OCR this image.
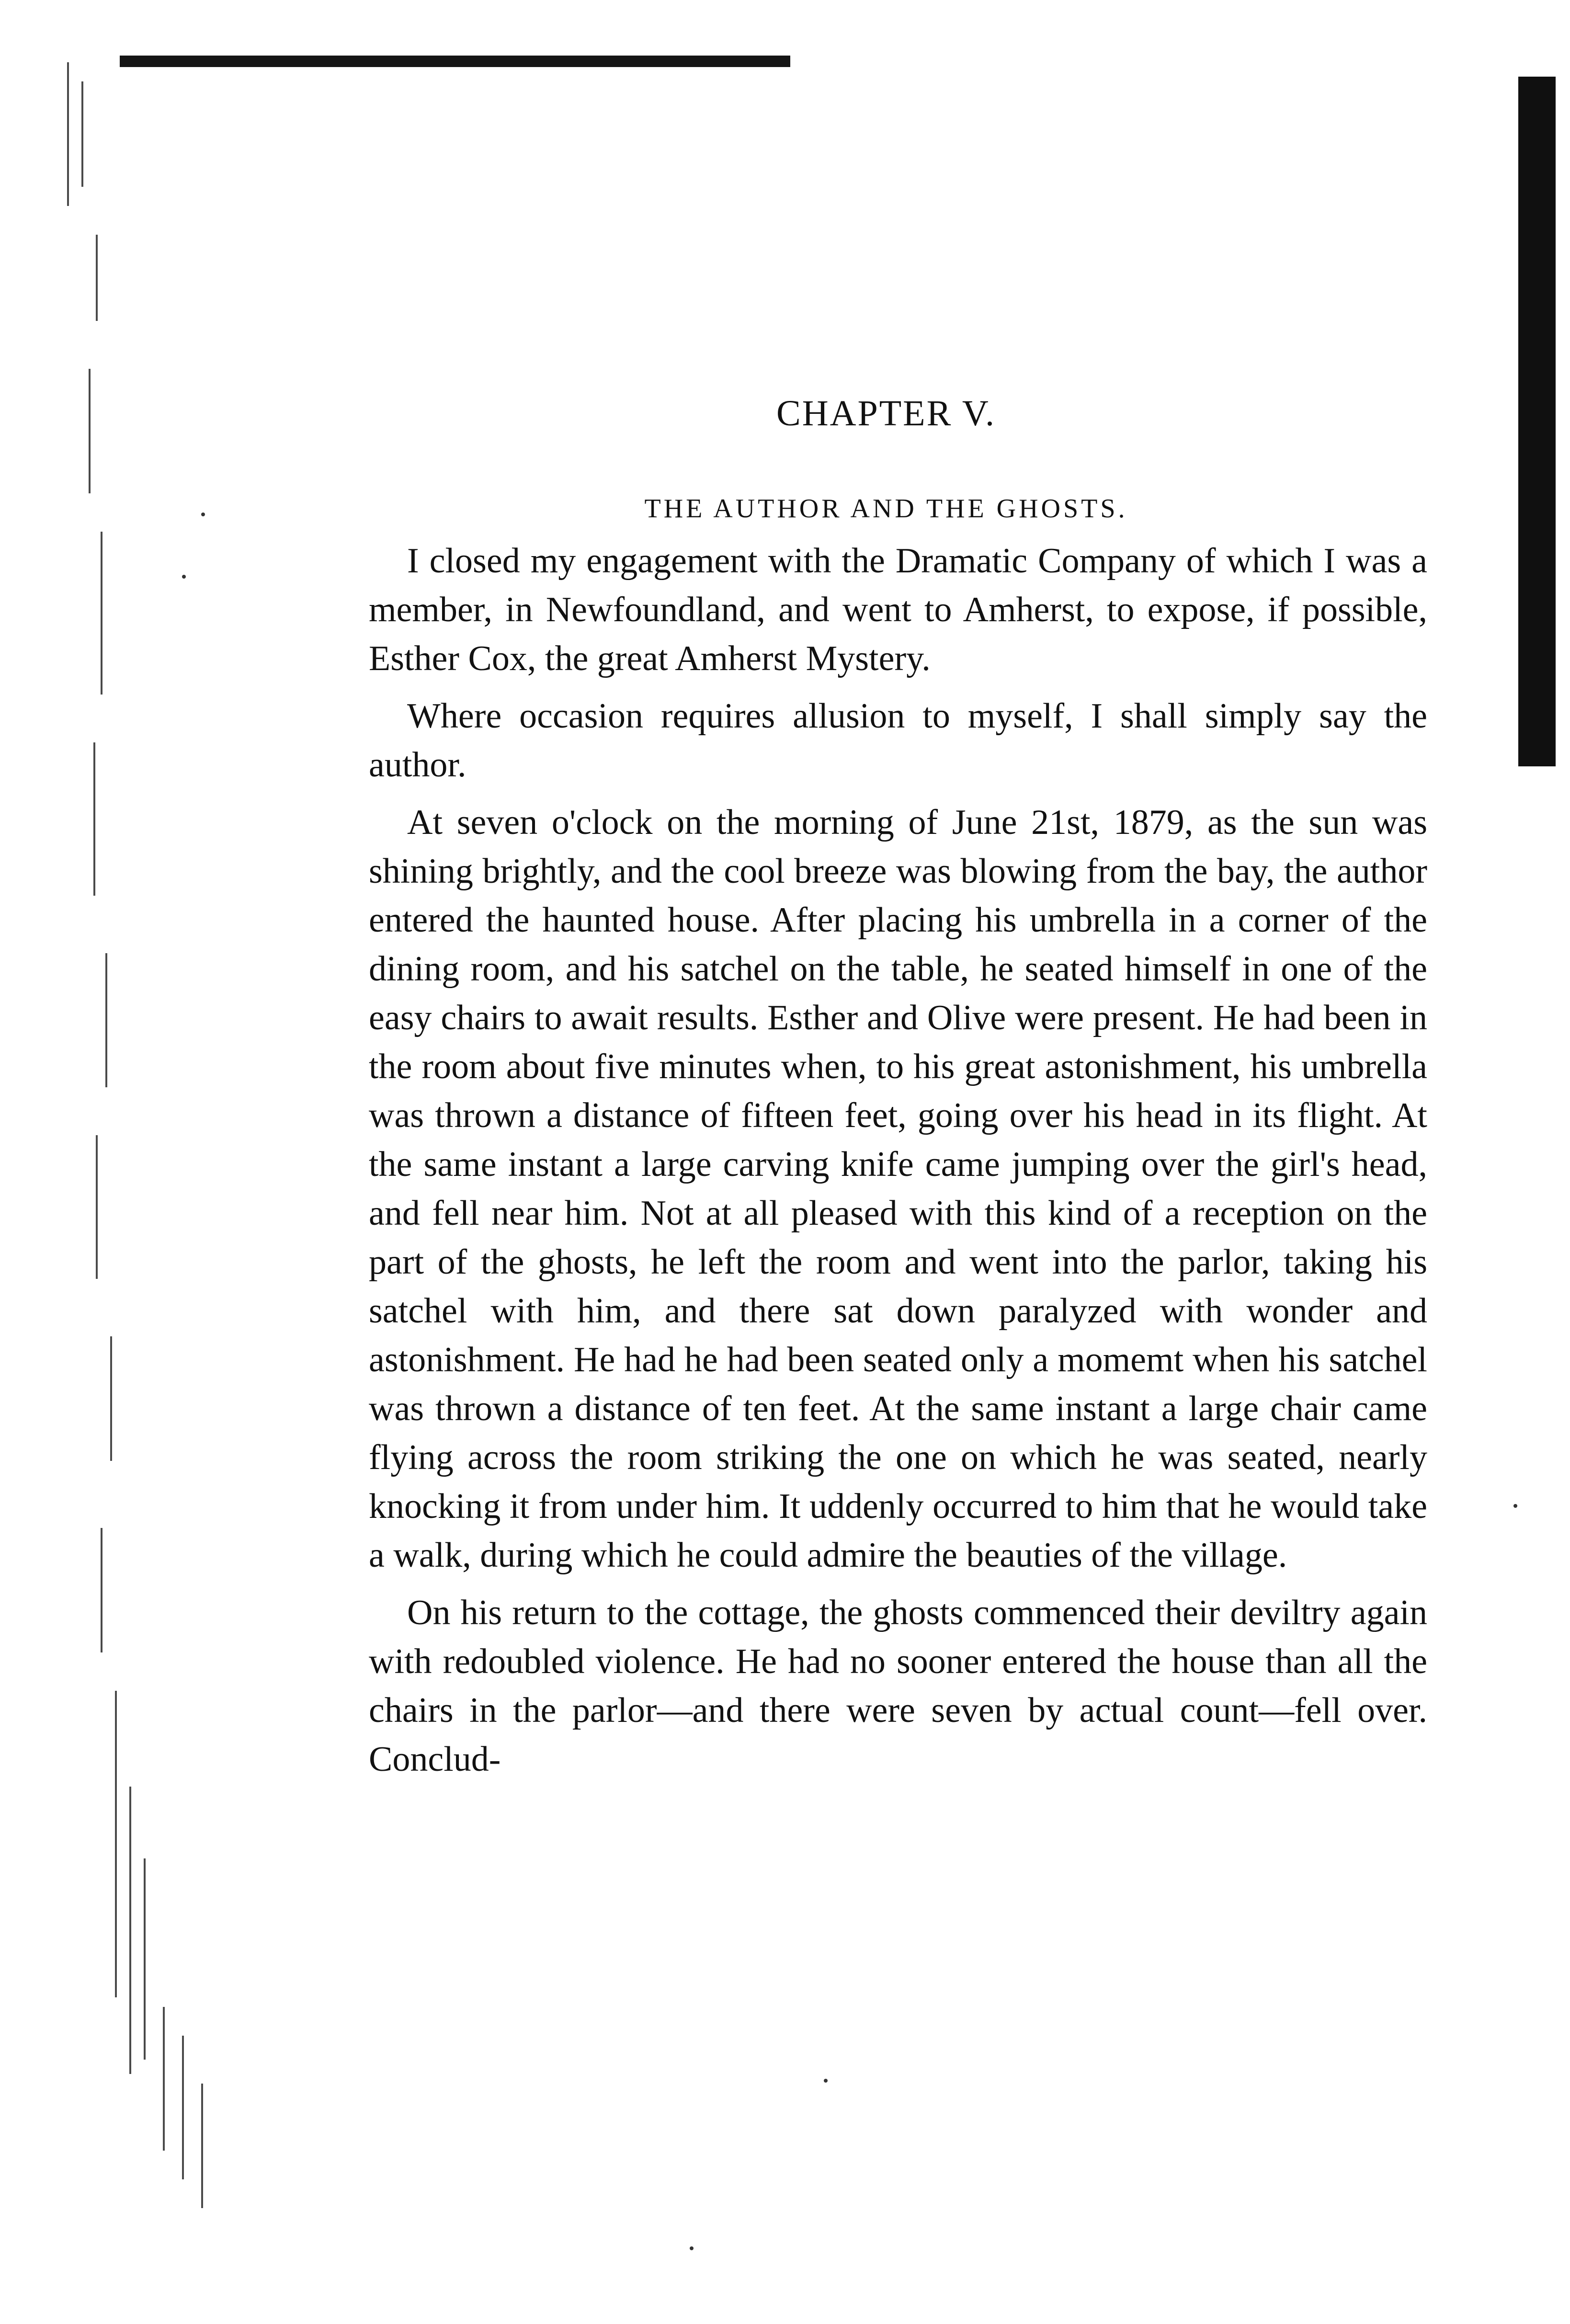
CHAPTER V.
THE AUTHOR AND THE GHOSTS.

I closed my engagement with the Dramatic Company of which I was a member, in Newfoundland, and went to Amherst, to expose, if possible, Esther Cox, the great Amherst Mystery.

Where occasion requires allusion to myself, I shall simply say the author.

At seven o'clock on the morning of June 21st, 1879, as the sun was shining brightly, and the cool breeze was blowing from the bay, the author entered the haunted house. After placing his umbrella in a corner of the dining room, and his satchel on the table, he seated himself in one of the easy chairs to await results. Esther and Olive were present. He had been in the room about five minutes when, to his great astonishment, his umbrella was thrown a distance of fifteen feet, going over his head in its flight. At the same instant a large carving knife came jumping over the girl's head, and fell near him. Not at all pleased with this kind of a reception on the part of the ghosts, he left the room and went into the parlor, taking his satchel with him, and there sat down paralyzed with wonder and astonishment. He had he had been seated only a momemt when his satchel was thrown a distance of ten feet. At the same instant a large chair came flying across the room striking the one on which he was seated, nearly knocking it from under him. It uddenly occurred to him that he would take a walk, during which he could admire the beauties of the village.

On his return to the cottage, the ghosts commenced their deviltry again with redoubled violence. He had no sooner entered the house than all the chairs in the parlor—and there were seven by actual count—fell over. Conclud-
